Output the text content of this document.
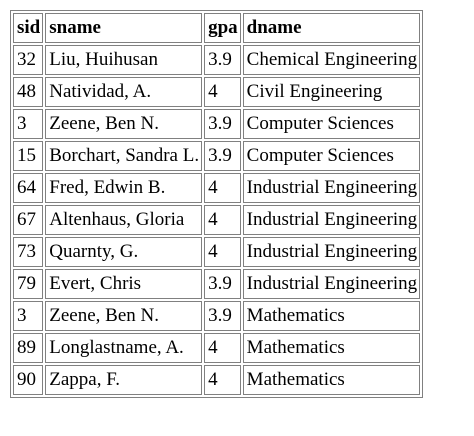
sid	sname	gpa	dname
32	Liu, Huihusan	3.9	Chemical Engineering
48	Natividad, A.	4	Civil Engineering
3	Zeene, Ben N.	3.9	Computer Sciences
15	Borchart, Sandra L.	3.9	Computer Sciences
64	Fred, Edwin B.	4	Industrial Engineering
67	Altenhaus, Gloria	4	Industrial Engineering
73	Quarnty, G.	4	Industrial Engineering
79	Evert, Chris	3.9	Industrial Engineering
3	Zeene, Ben N.	3.9	Mathematics
89	Longlastname, A.	4	Mathematics
90	Zappa, F.	4	Mathematics
